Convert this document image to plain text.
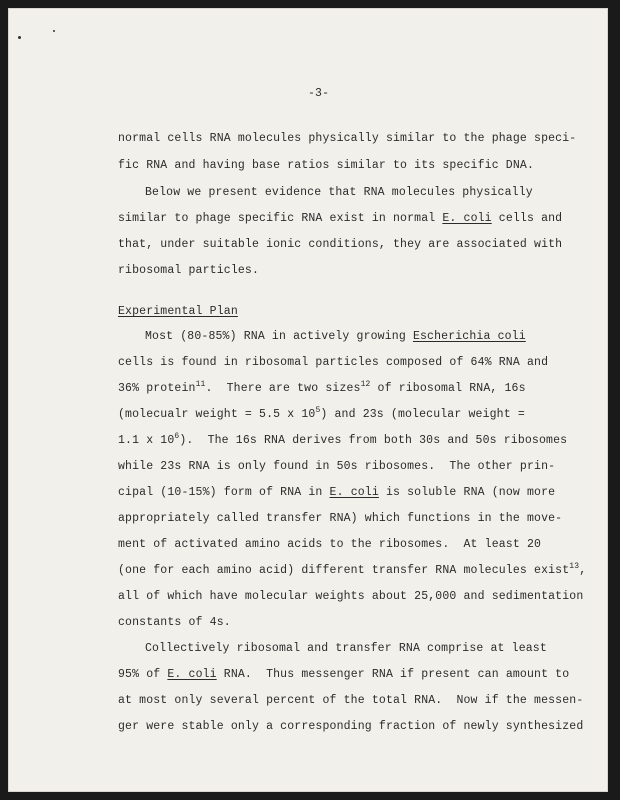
-3-
normal cells RNA molecules physically similar to the phage speci-
fic RNA and having base ratios similar to its specific DNA.
Below we present evidence that RNA molecules physically
similar to phage specific RNA exist in normal E. coli cells and
that, under suitable ionic conditions, they are associated with
ribosomal particles.
Experimental Plan
Most (80-85%) RNA in actively growing Escherichia coli
cells is found in ribosomal particles composed of 64% RNA and
36% protein$^{11}$.  There are two sizes$^{12}$ of ribosomal RNA, 16s
(molecualr weight = 5.5 x $10^5$) and 23s (molecular weight =
1.1 x $10^6$).  The 16s RNA derives from both 30s and 50s ribosomes
while 23s RNA is only found in 50s ribosomes.  The other prin-
cipal (10-15%) form of RNA in E. coli is soluble RNA (now more
appropriately called transfer RNA) which functions in the move-
ment of activated amino acids to the ribosomes.  At least 20
(one for each amino acid) different transfer RNA molecules exist$^{13}$,
all of which have molecular weights about 25,000 and sedimentation
constants of 4s.
Collectively ribosomal and transfer RNA comprise at least
95% of E. coli RNA.  Thus messenger RNA if present can amount to
at most only several percent of the total RNA.  Now if the messen-
ger were stable only a corresponding fraction of newly synthesized
